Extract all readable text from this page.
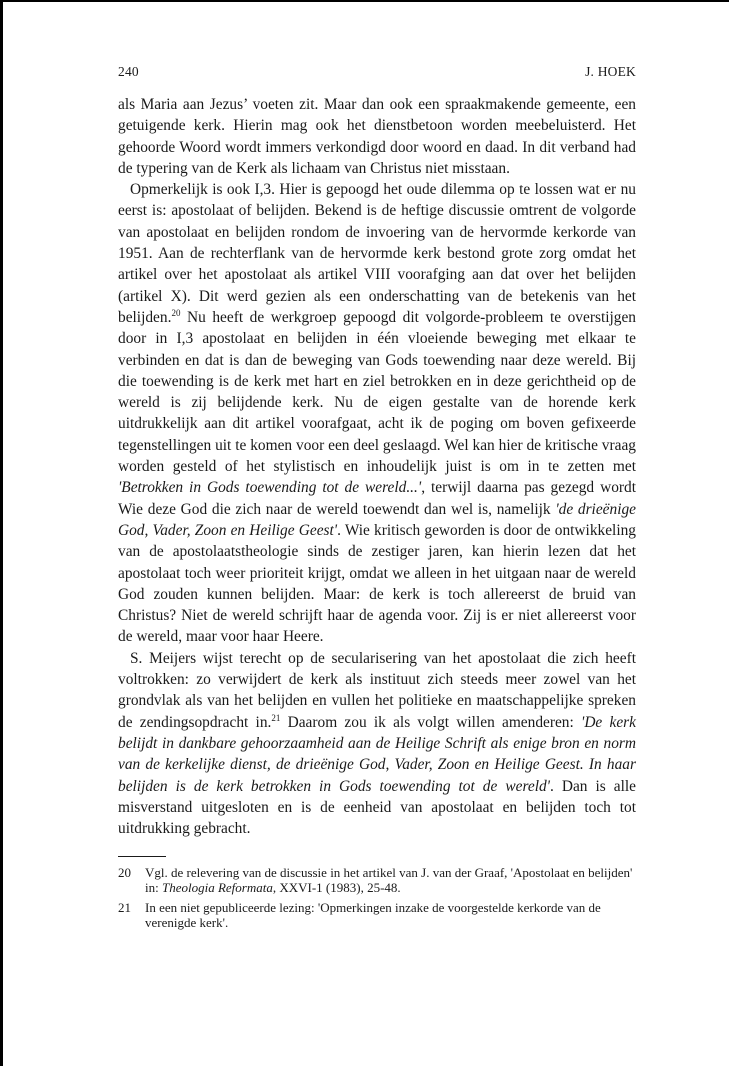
240	J. HOEK

als Maria aan Jezus’ voeten zit. Maar dan ook een spraakmakende gemeente, een getuigende kerk. Hierin mag ook het dienstbetoon worden meebeluisterd. Het gehoorde Woord wordt immers verkondigd door woord en daad. In dit verband had de typering van de Kerk als lichaam van Christus niet misstaan.

Opmerkelijk is ook I,3. Hier is gepoogd het oude dilemma op te lossen wat er nu eerst is: apostolaat of belijden. Bekend is de heftige discussie omtrent de volgorde van apostolaat en belijden rondom de invoering van de hervormde kerkorde van 1951. Aan de rechterflank van de hervormde kerk bestond grote zorg omdat het artikel over het apostolaat als artikel VIII voorafging aan dat over het belijden (artikel X). Dit werd gezien als een onderschatting van de betekenis van het belijden.$^{20}$ Nu heeft de werkgroep gepoogd dit volgorde-probleem te overstijgen door in I,3 apostolaat en belijden in één vloeiende beweging met elkaar te verbinden en dat is dan de beweging van Gods toewending naar deze wereld. Bij die toewending is de kerk met hart en ziel betrokken en in deze gerichtheid op de wereld is zij belijdende kerk. Nu de eigen gestalte van de horende kerk uitdrukkelijk aan dit artikel voorafgaat, acht ik de poging om boven gefixeerde tegenstellingen uit te komen voor een deel geslaagd. Wel kan hier de kritische vraag worden gesteld of het stylistisch en inhoudelijk juist is om in te zetten met 'Betrokken in Gods toewending tot de wereld...', terwijl daarna pas gezegd wordt Wie deze God die zich naar de wereld toewendt dan wel is, namelijk 'de drieënige God, Vader, Zoon en Heilige Geest'. Wie kritisch geworden is door de ontwikkeling van de apostolaatstheologie sinds de zestiger jaren, kan hierin lezen dat het apostolaat toch weer prioriteit krijgt, omdat we alleen in het uitgaan naar de wereld God zouden kunnen belijden. Maar: de kerk is toch allereerst de bruid van Christus? Niet de wereld schrijft haar de agenda voor. Zij is er niet allereerst voor de wereld, maar voor haar Heere.

S. Meijers wijst terecht op de secularisering van het apostolaat die zich heeft voltrokken: zo verwijdert de kerk als instituut zich steeds meer zowel van het grondvlak als van het belijden en vullen het politieke en maatschappelijke spreken de zendingsopdracht in.$^{21}$ Daarom zou ik als volgt willen amenderen: 'De kerk belijdt in dankbare gehoorzaamheid aan de Heilige Schrift als enige bron en norm van de kerkelijke dienst, de drieënige God, Vader, Zoon en Heilige Geest. In haar belijden is de kerk betrokken in Gods toewending tot de wereld'. Dan is alle misverstand uitgesloten en is de eenheid van apostolaat en belijden toch tot uitdrukking gebracht.

20	Vgl. de relevering van de discussie in het artikel van J. van der Graaf, 'Apostolaat en belijden' in: Theologia Reformata, XXVI-1 (1983), 25-48.
21	In een niet gepubliceerde lezing: 'Opmerkingen inzake de voorgestelde kerkorde van de verenigde kerk'.
